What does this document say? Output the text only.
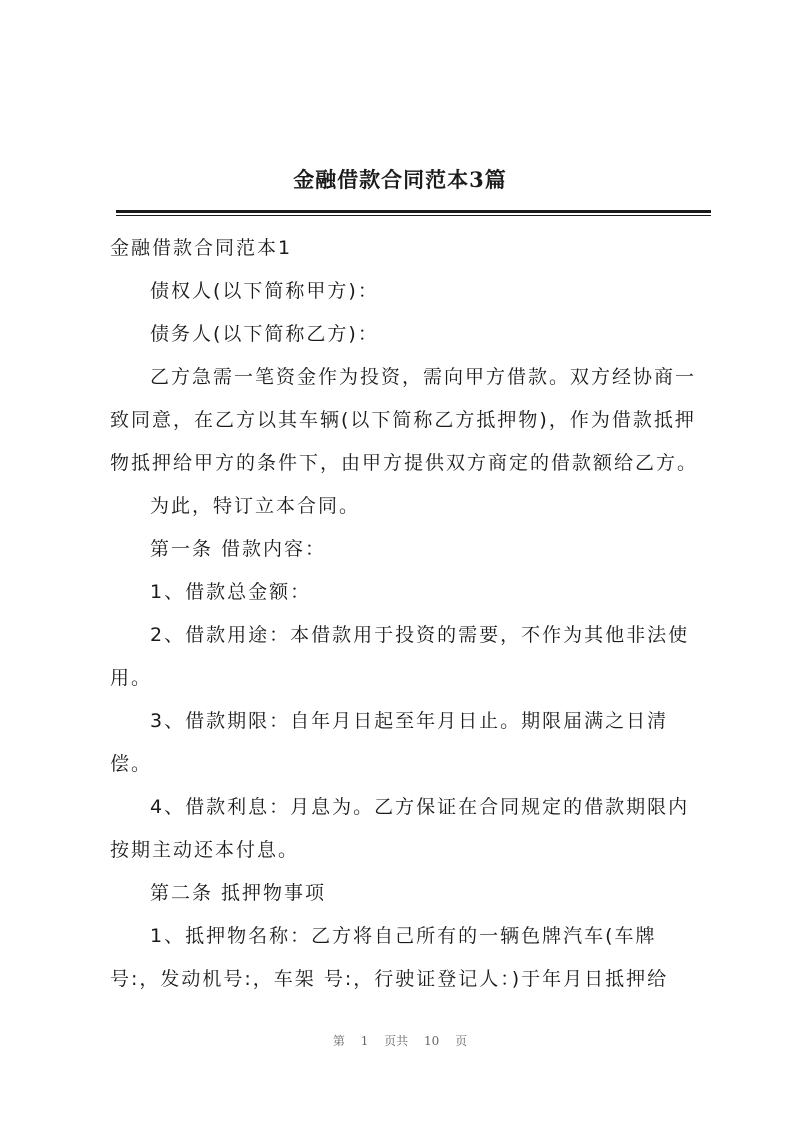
金融借款合同范本3篇

金融借款合同范本1

债权人(以下简称甲方)：

债务人(以下简称乙方)：

乙方急需一笔资金作为投资，需向甲方借款。双方经协商一

致同意，在乙方以其车辆(以下简称乙方抵押物)，作为借款抵押

物抵押给甲方的条件下，由甲方提供双方商定的借款额给乙方。

为此，特订立本合同。

第一条 借款内容：

1、借款总金额：

2、借款用途：本借款用于投资的需要，不作为其他非法使

用。

3、借款期限：自年月日起至年月日止。期限届满之日清

偿。

4、借款利息：月息为。乙方保证在合同规定的借款期限内

按期主动还本付息。

第二条 抵押物事项

1、抵押物名称：乙方将自己所有的一辆色牌汽车(车牌

号:，发动机号:，车架 号:，行驶证登记人：)于年月日抵押给

第 1 页共 10 页
